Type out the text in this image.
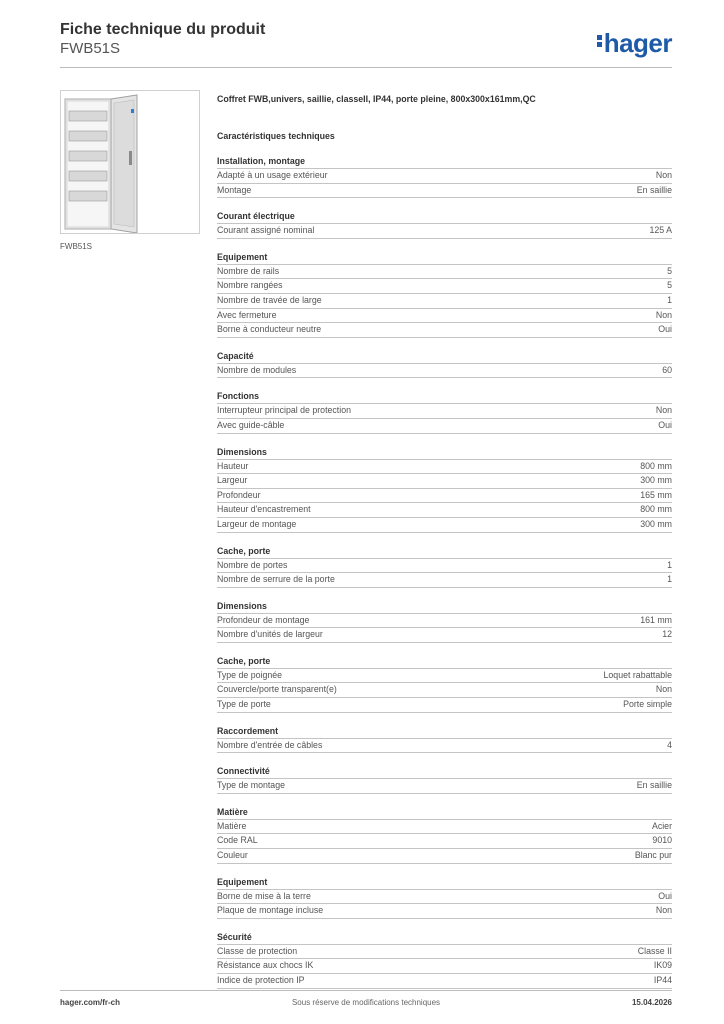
Fiche technique du produit
FWB51S	hager
FWB51S
Coffret FWB,univers, saillie, classeII, IP44, porte pleine, 800x300x161mm,QC
Caractéristiques techniques
Installation, montage
Adapté à un usage extérieur	Non
Montage	En saillie
Courant électrique
Courant assigné nominal	125 A
Equipement
Nombre de rails	5
Nombre rangées	5
Nombre de travée de large	1
Avec fermeture	Non
Borne à conducteur neutre	Oui
Capacité
Nombre de modules	60
Fonctions
Interrupteur principal de protection	Non
Avec guide-câble	Oui
Dimensions
Hauteur	800 mm
Largeur	300 mm
Profondeur	165 mm
Hauteur d'encastrement	800 mm
Largeur de montage	300 mm
Cache, porte
Nombre de portes	1
Nombre de serrure de la porte	1
Dimensions
Profondeur de montage	161 mm
Nombre d'unités de largeur	12
Cache, porte
Type de poignée	Loquet rabattable
Couvercle/porte transparent(e)	Non
Type de porte	Porte simple
Raccordement
Nombre d'entrée de câbles	4
Connectivité
Type de montage	En saillie
Matière
Matière	Acier
Code RAL	9010
Couleur	Blanc pur
Equipement
Borne de mise à la terre	Oui
Plaque de montage incluse	Non
Sécurité
Classe de protection	Classe II
Résistance aux chocs IK	IK09
Indice de protection IP	IP44
hager.com/fr-ch	Sous réserve de modifications techniques	15.04.2026
